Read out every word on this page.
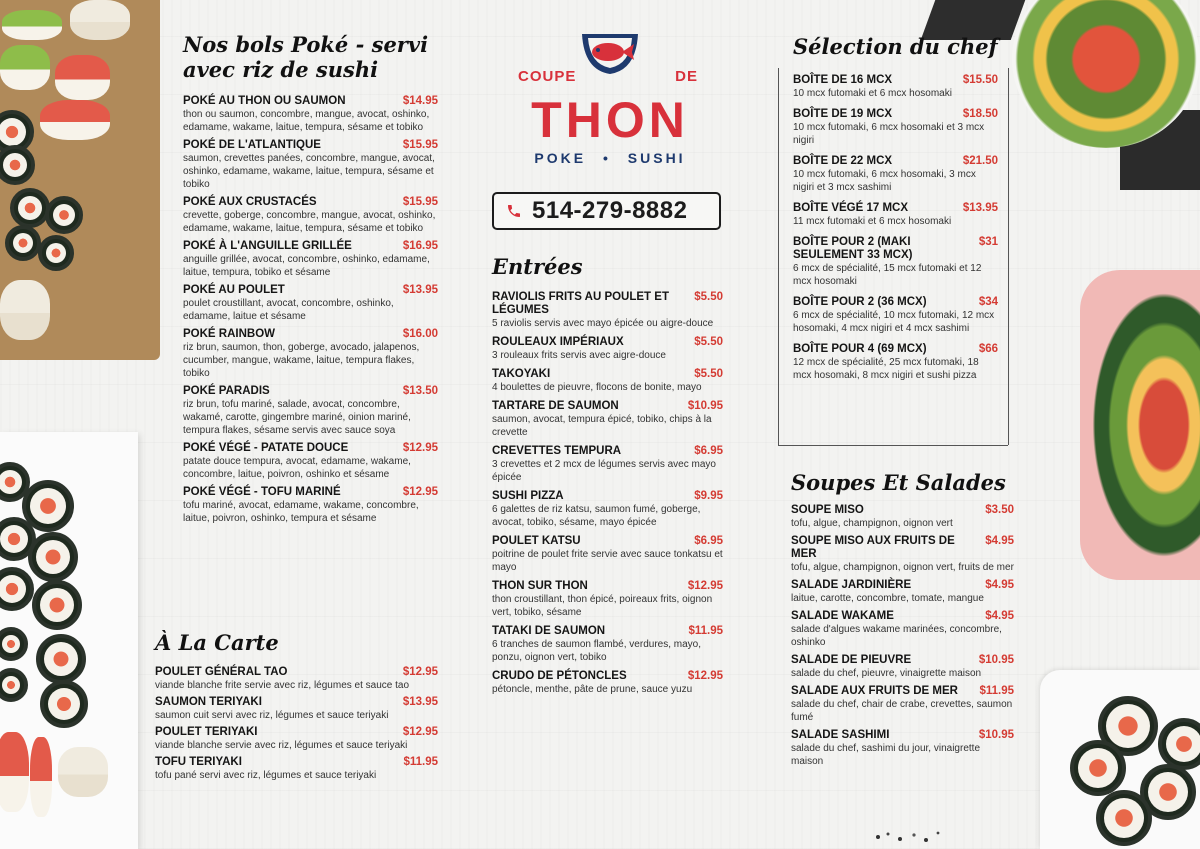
Nos bols Poké - servi
avec riz de sushi
POKÉ AU THON OU SAUMON	$14.95
thon ou saumon, concombre, mangue, avocat, oshinko, edamame, wakame, laitue, tempura, sésame et tobiko
POKÉ DE L'ATLANTIQUE	$15.95
saumon, crevettes panées, concombre, mangue, avocat, oshinko, edamame, wakame, laitue, tempura, sésame et tobiko
POKÉ AUX CRUSTACÉS	$15.95
crevette, goberge, concombre, mangue, avocat, oshinko, edamame, wakame, laitue, tempura, sésame et tobiko
POKÉ À L'ANGUILLE GRILLÉE	$16.95
anguille grillée, avocat, concombre, oshinko, edamame, laitue, tempura, tobiko et sésame
POKÉ AU POULET	$13.95
poulet croustillant, avocat, concombre, oshinko, edamame, laitue et sésame
POKÉ RAINBOW	$16.00
riz brun, saumon, thon, goberge, avocado, jalapenos, cucumber, mangue, wakame, laitue, tempura flakes, tobiko
POKÉ PARADIS	$13.50
riz brun, tofu mariné, salade, avocat, concombre, wakamé, carotte, gingembre mariné, oinion mariné, tempura flakes, sésame servis avec sauce soya
POKÉ VÉGÉ - PATATE DOUCE	$12.95
patate douce tempura, avocat, edamame, wakame, concombre, laitue, poivron, oshinko et sésame
POKÉ VÉGÉ - TOFU MARINÉ	$12.95
tofu mariné, avocat, edamame, wakame, concombre, laitue, poivron, oshinko, tempura et sésame
À La Carte
POULET GÉNÉRAL TAO	$12.95
viande blanche frite servie avec riz, légumes et sauce tao
SAUMON TERIYAKI	$13.95
saumon cuit servi avec riz, légumes et sauce teriyaki
POULET TERIYAKI	$12.95
viande blanche servie avec riz, légumes et sauce teriyaki
TOFU TERIYAKI	$11.95
tofu pané servi avec riz, légumes et sauce teriyaki
COUPE	DE
THON
POKE • SUSHI
514-279-8882
Entrées
RAVIOLIS FRITS AU POULET ET LÉGUMES
$5.50
5 raviolis servis avec mayo épicée ou aigre-douce
ROULEAUX IMPÉRIAUX	$5.50
3 rouleaux frits servis avec aigre-douce
TAKOYAKI	$5.50
4 boulettes de pieuvre, flocons de bonite, mayo
TARTARE DE SAUMON	$10.95
saumon, avocat, tempura épicé, tobiko, chips à la crevette
CREVETTES TEMPURA	$6.95
3 crevettes et 2 mcx de légumes servis avec mayo épicée
SUSHI PIZZA	$9.95
6 galettes de riz katsu, saumon fumé, goberge, avocat, tobiko, sésame, mayo épicée
POULET KATSU	$6.95
poitrine de poulet frite servie avec sauce tonkatsu et mayo
THON SUR THON	$12.95
thon croustillant, thon épicé, poireaux frits, oignon vert, tobiko, sésame
TATAKI DE SAUMON	$11.95
6 tranches de saumon flambé, verdures, mayo, ponzu, oignon vert, tobiko
CRUDO DE PÉTONCLES	$12.95
pétoncle, menthe, pâte de prune, sauce yuzu
Sélection du chef
BOÎTE DE 16 MCX	$15.50
10 mcx futomaki et 6 mcx hosomaki
BOÎTE DE 19 MCX	$18.50
10 mcx futomaki, 6 mcx hosomaki et 3 mcx nigiri
BOÎTE DE 22 MCX	$21.50
10 mcx futomaki, 6 mcx hosomaki, 3 mcx nigiri et 3 mcx sashimi
BOÎTE VÉGÉ 17 MCX	$13.95
11 mcx futomaki et 6 mcx hosomaki
BOÎTE POUR 2 (MAKI SEULEMENT 33 MCX)
$31
6 mcx de spécialité, 15 mcx futomaki et 12 mcx hosomaki
BOÎTE POUR 2 (36 MCX)	$34
6 mcx de spécialité, 10 mcx futomaki, 12 mcx hosomaki, 4 mcx nigiri et 4 mcx sashimi
BOÎTE POUR 4 (69 MCX)	$66
12 mcx de spécialité, 25 mcx futomaki, 18 mcx hosomaki, 8 mcx nigiri et sushi pizza
Soupes Et Salades
SOUPE MISO	$3.50
tofu, algue, champignon, oignon vert
SOUPE MISO AUX FRUITS DE MER
$4.95
tofu, algue, champignon, oignon vert, fruits de mer
SALADE JARDINIÈRE	$4.95
laitue, carotte, concombre, tomate, mangue
SALADE WAKAME	$4.95
salade d'algues wakame marinées, concombre, oshinko
SALADE DE PIEUVRE	$10.95
salade du chef, pieuvre, vinaigrette maison
SALADE AUX FRUITS DE MER $11.95
salade du chef, chair de crabe, crevettes, saumon fumé
SALADE SASHIMI	$10.95
salade du chef, sashimi du jour, vinaigrette maison
